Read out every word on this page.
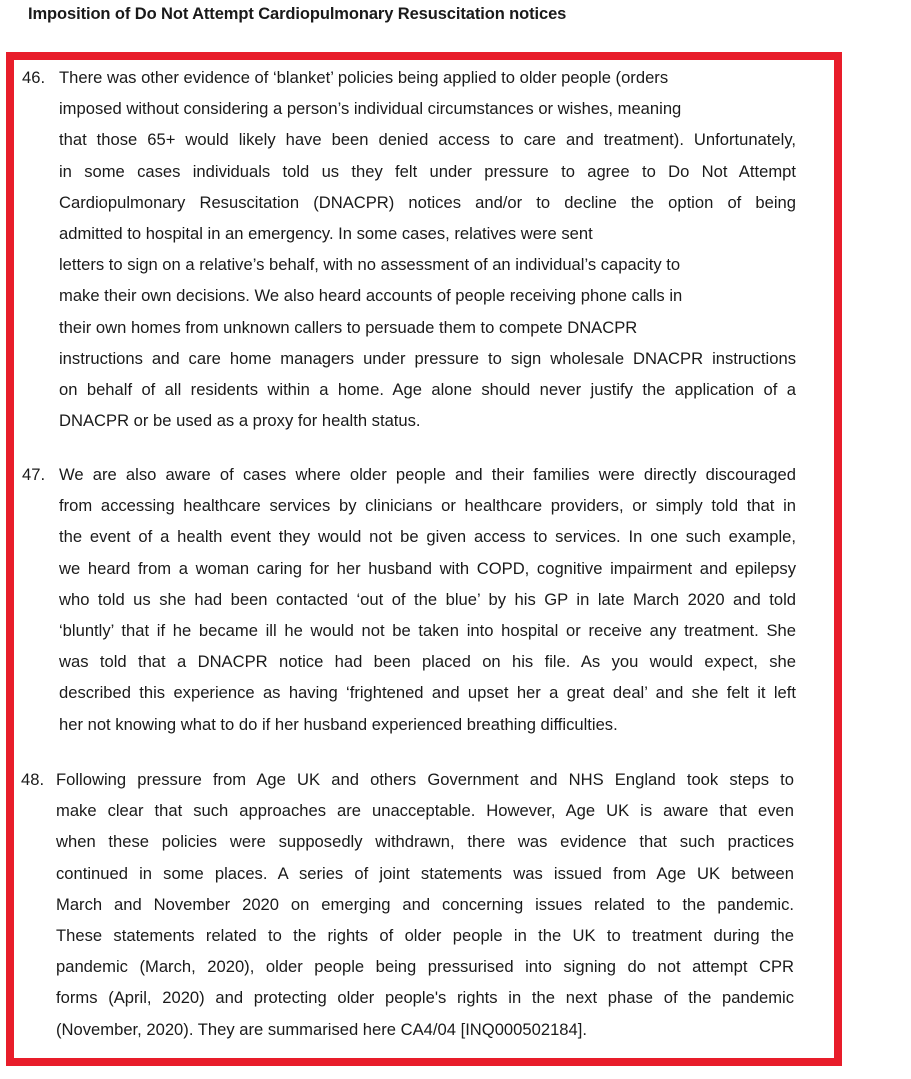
Imposition of Do Not Attempt Cardiopulmonary Resuscitation notices
46. There was other evidence of ‘blanket’ policies being applied to older people (orders
imposed without considering a person’s individual circumstances or wishes, meaning
that those 65+ would likely have been denied access to care and treatment). Unfortunately,
in some cases individuals told us they felt under pressure to agree to Do Not Attempt
Cardiopulmonary Resuscitation (DNACPR) notices and/or to decline the option of being
admitted to hospital in an emergency. In some cases, relatives were sent
letters to sign on a relative’s behalf, with no assessment of an individual’s capacity to
make their own decisions. We also heard accounts of people receiving phone calls in
their own homes from unknown callers to persuade them to compete DNACPR
instructions and care home managers under pressure to sign wholesale DNACPR instructions
on behalf of all residents within a home. Age alone should never justify the application of a
DNACPR or be used as a proxy for health status.
47. We are also aware of cases where older people and their families were directly discouraged
from accessing healthcare services by clinicians or healthcare providers, or simply told that in
the event of a health event they would not be given access to services. In one such example,
we heard from a woman caring for her husband with COPD, cognitive impairment and epilepsy
who told us she had been contacted ‘out of the blue’ by his GP in late March 2020 and told
‘bluntly’ that if he became ill he would not be taken into hospital or receive any treatment. She
was told that a DNACPR notice had been placed on his file. As you would expect, she
described this experience as having ‘frightened and upset her a great deal’ and she felt it left
her not knowing what to do if her husband experienced breathing difficulties.
48. Following pressure from Age UK and others Government and NHS England took steps to
make clear that such approaches are unacceptable. However, Age UK is aware that even
when these policies were supposedly withdrawn, there was evidence that such practices
continued in some places. A series of joint statements was issued from Age UK between
March and November 2020 on emerging and concerning issues related to the pandemic.
These statements related to the rights of older people in the UK to treatment during the
pandemic (March, 2020), older people being pressurised into signing do not attempt CPR
forms (April, 2020) and protecting older people's rights in the next phase of the pandemic
(November, 2020). They are summarised here CA4/04 [INQ000502184].
